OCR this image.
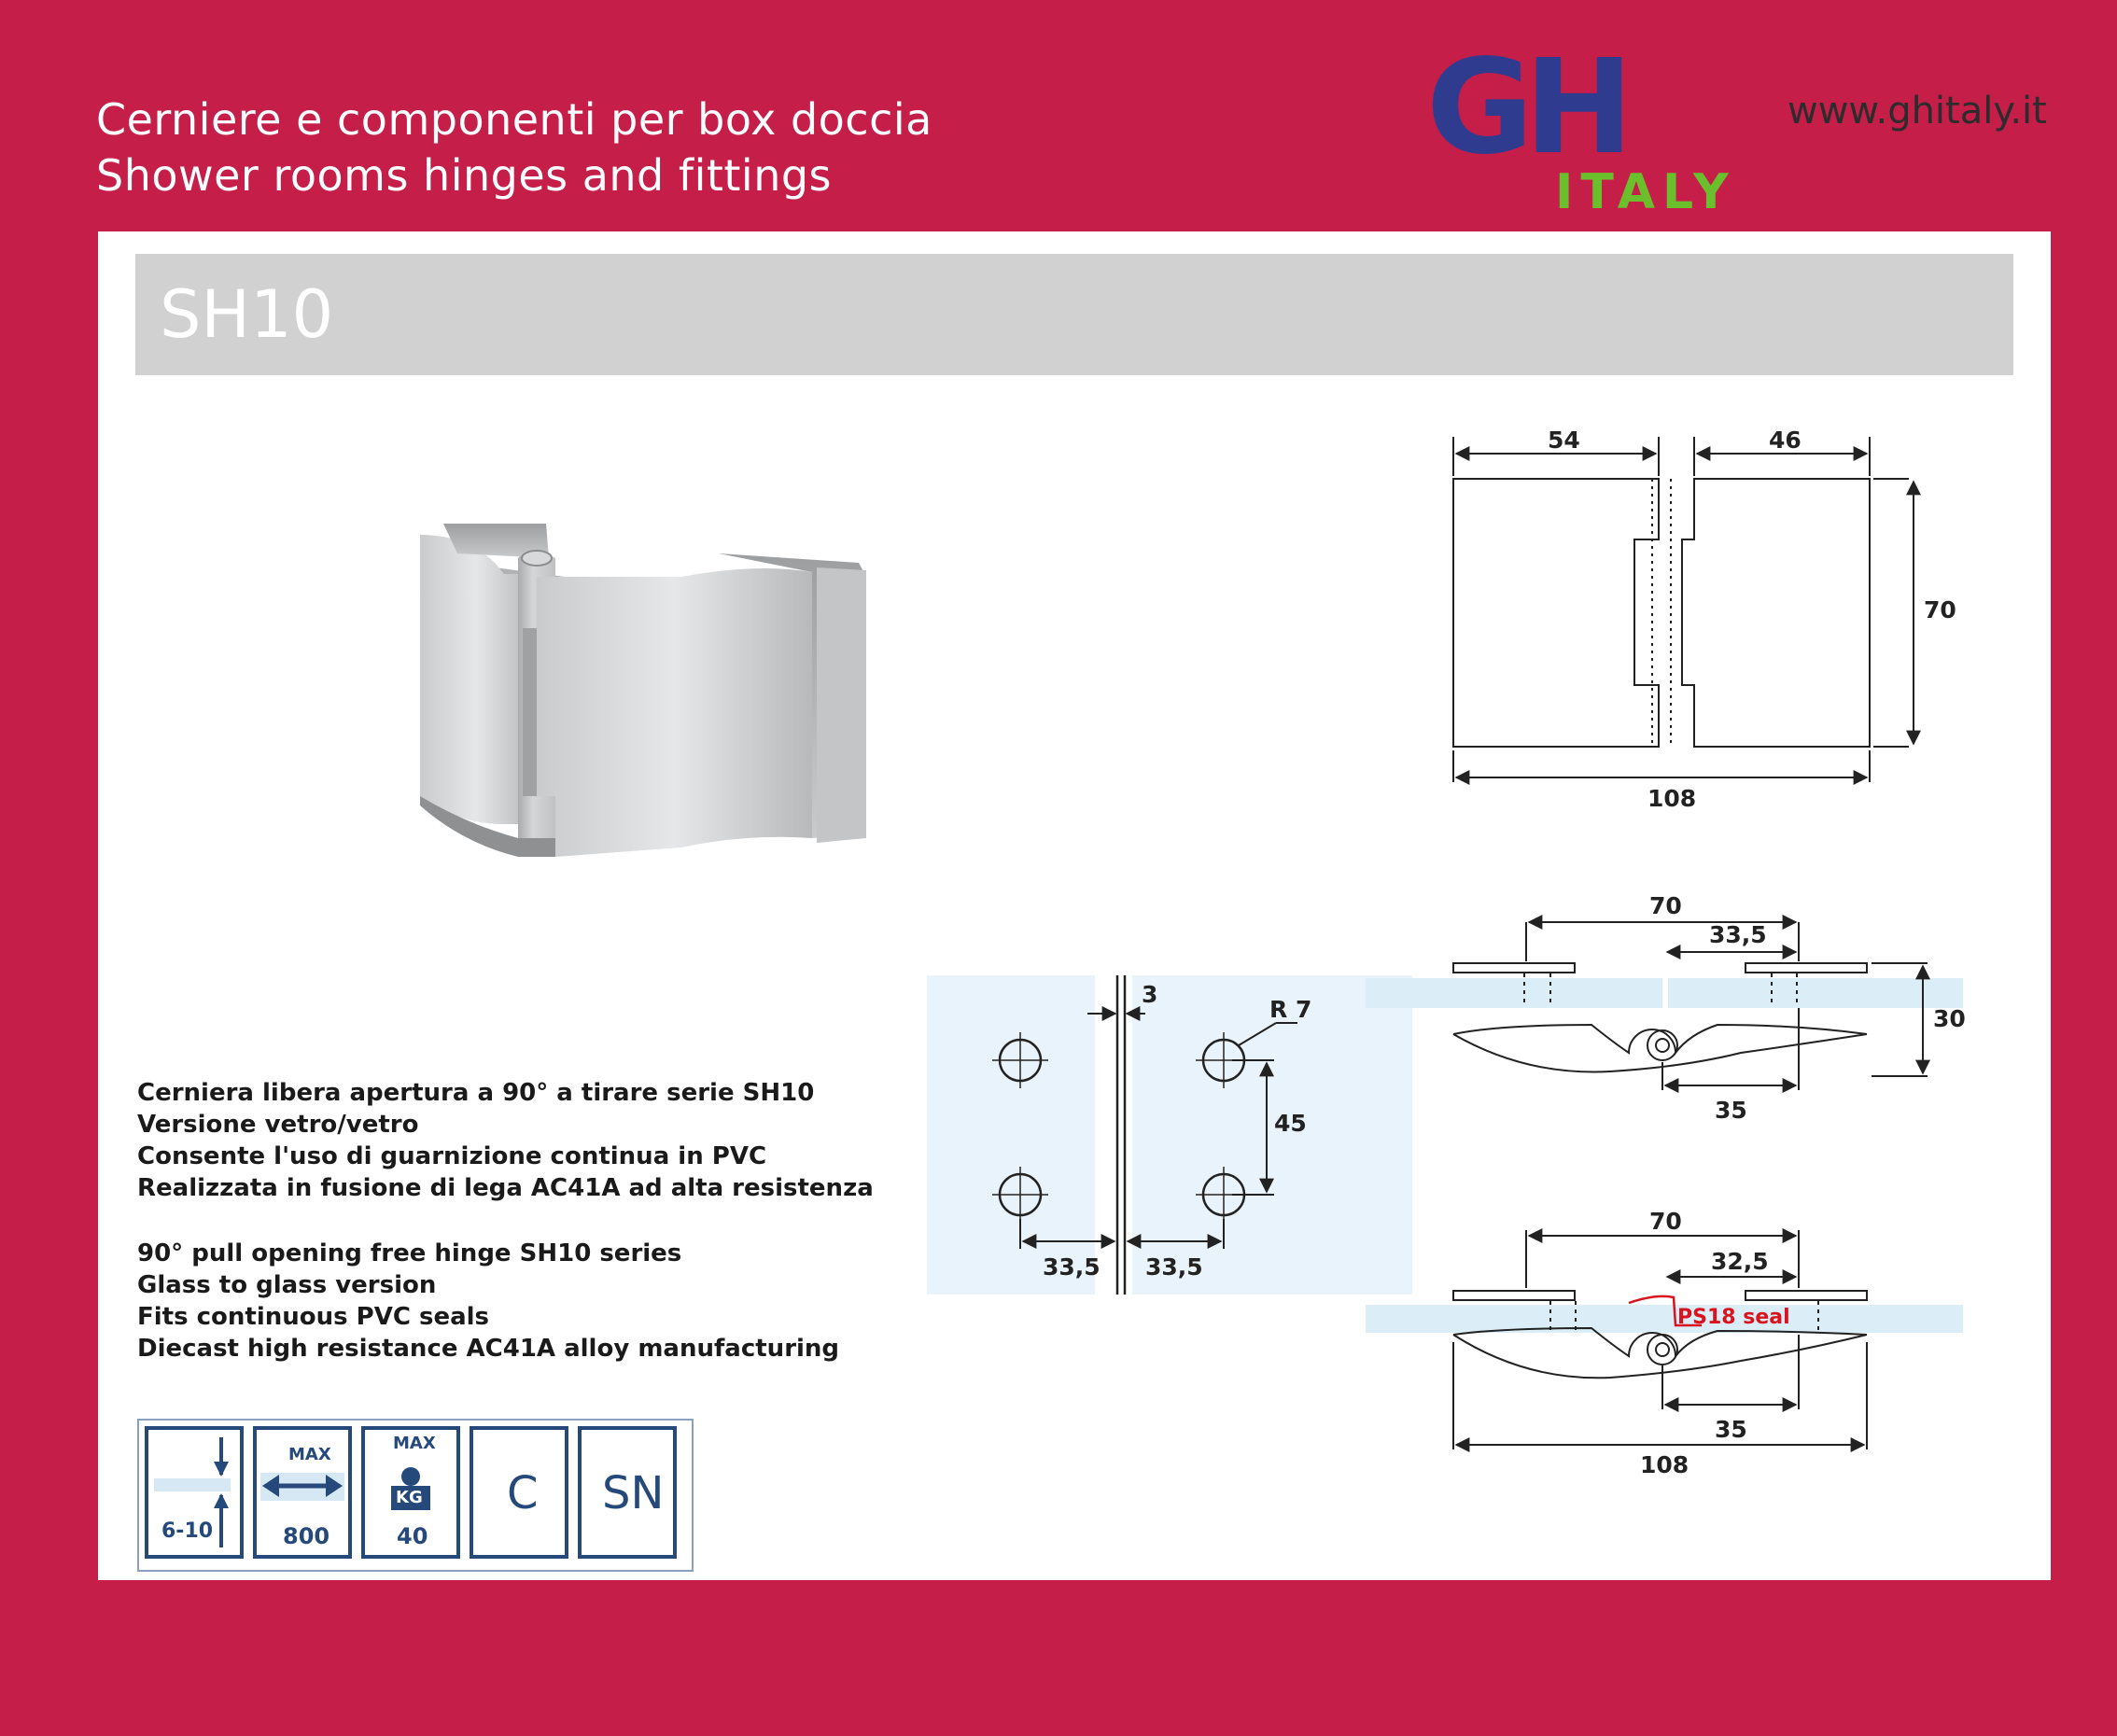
Cerniere e componenti per box doccia
Shower rooms hinges and fittings	GH
ITALY
www.ghitaly.it
SH10
Cerniera libera apertura a 90° a tirare serie SH10
Versione vetro/vetro
Consente l'uso di guarnizione continua in PVC
Realizzata in fusione di lega AC41A ad alta resistenza
90° pull opening free hinge SH10 series
Glass to glass version
Fits continuous PVC seals
Diecast high resistance AC41A alloy manufacturing
6-10
MAX
800
MAX
KG
40
C SN
54	46
70
108
3
R 7
45
33,5 33,5
70
33,5
30
35
70
32,5
PS18 seal
35
108
